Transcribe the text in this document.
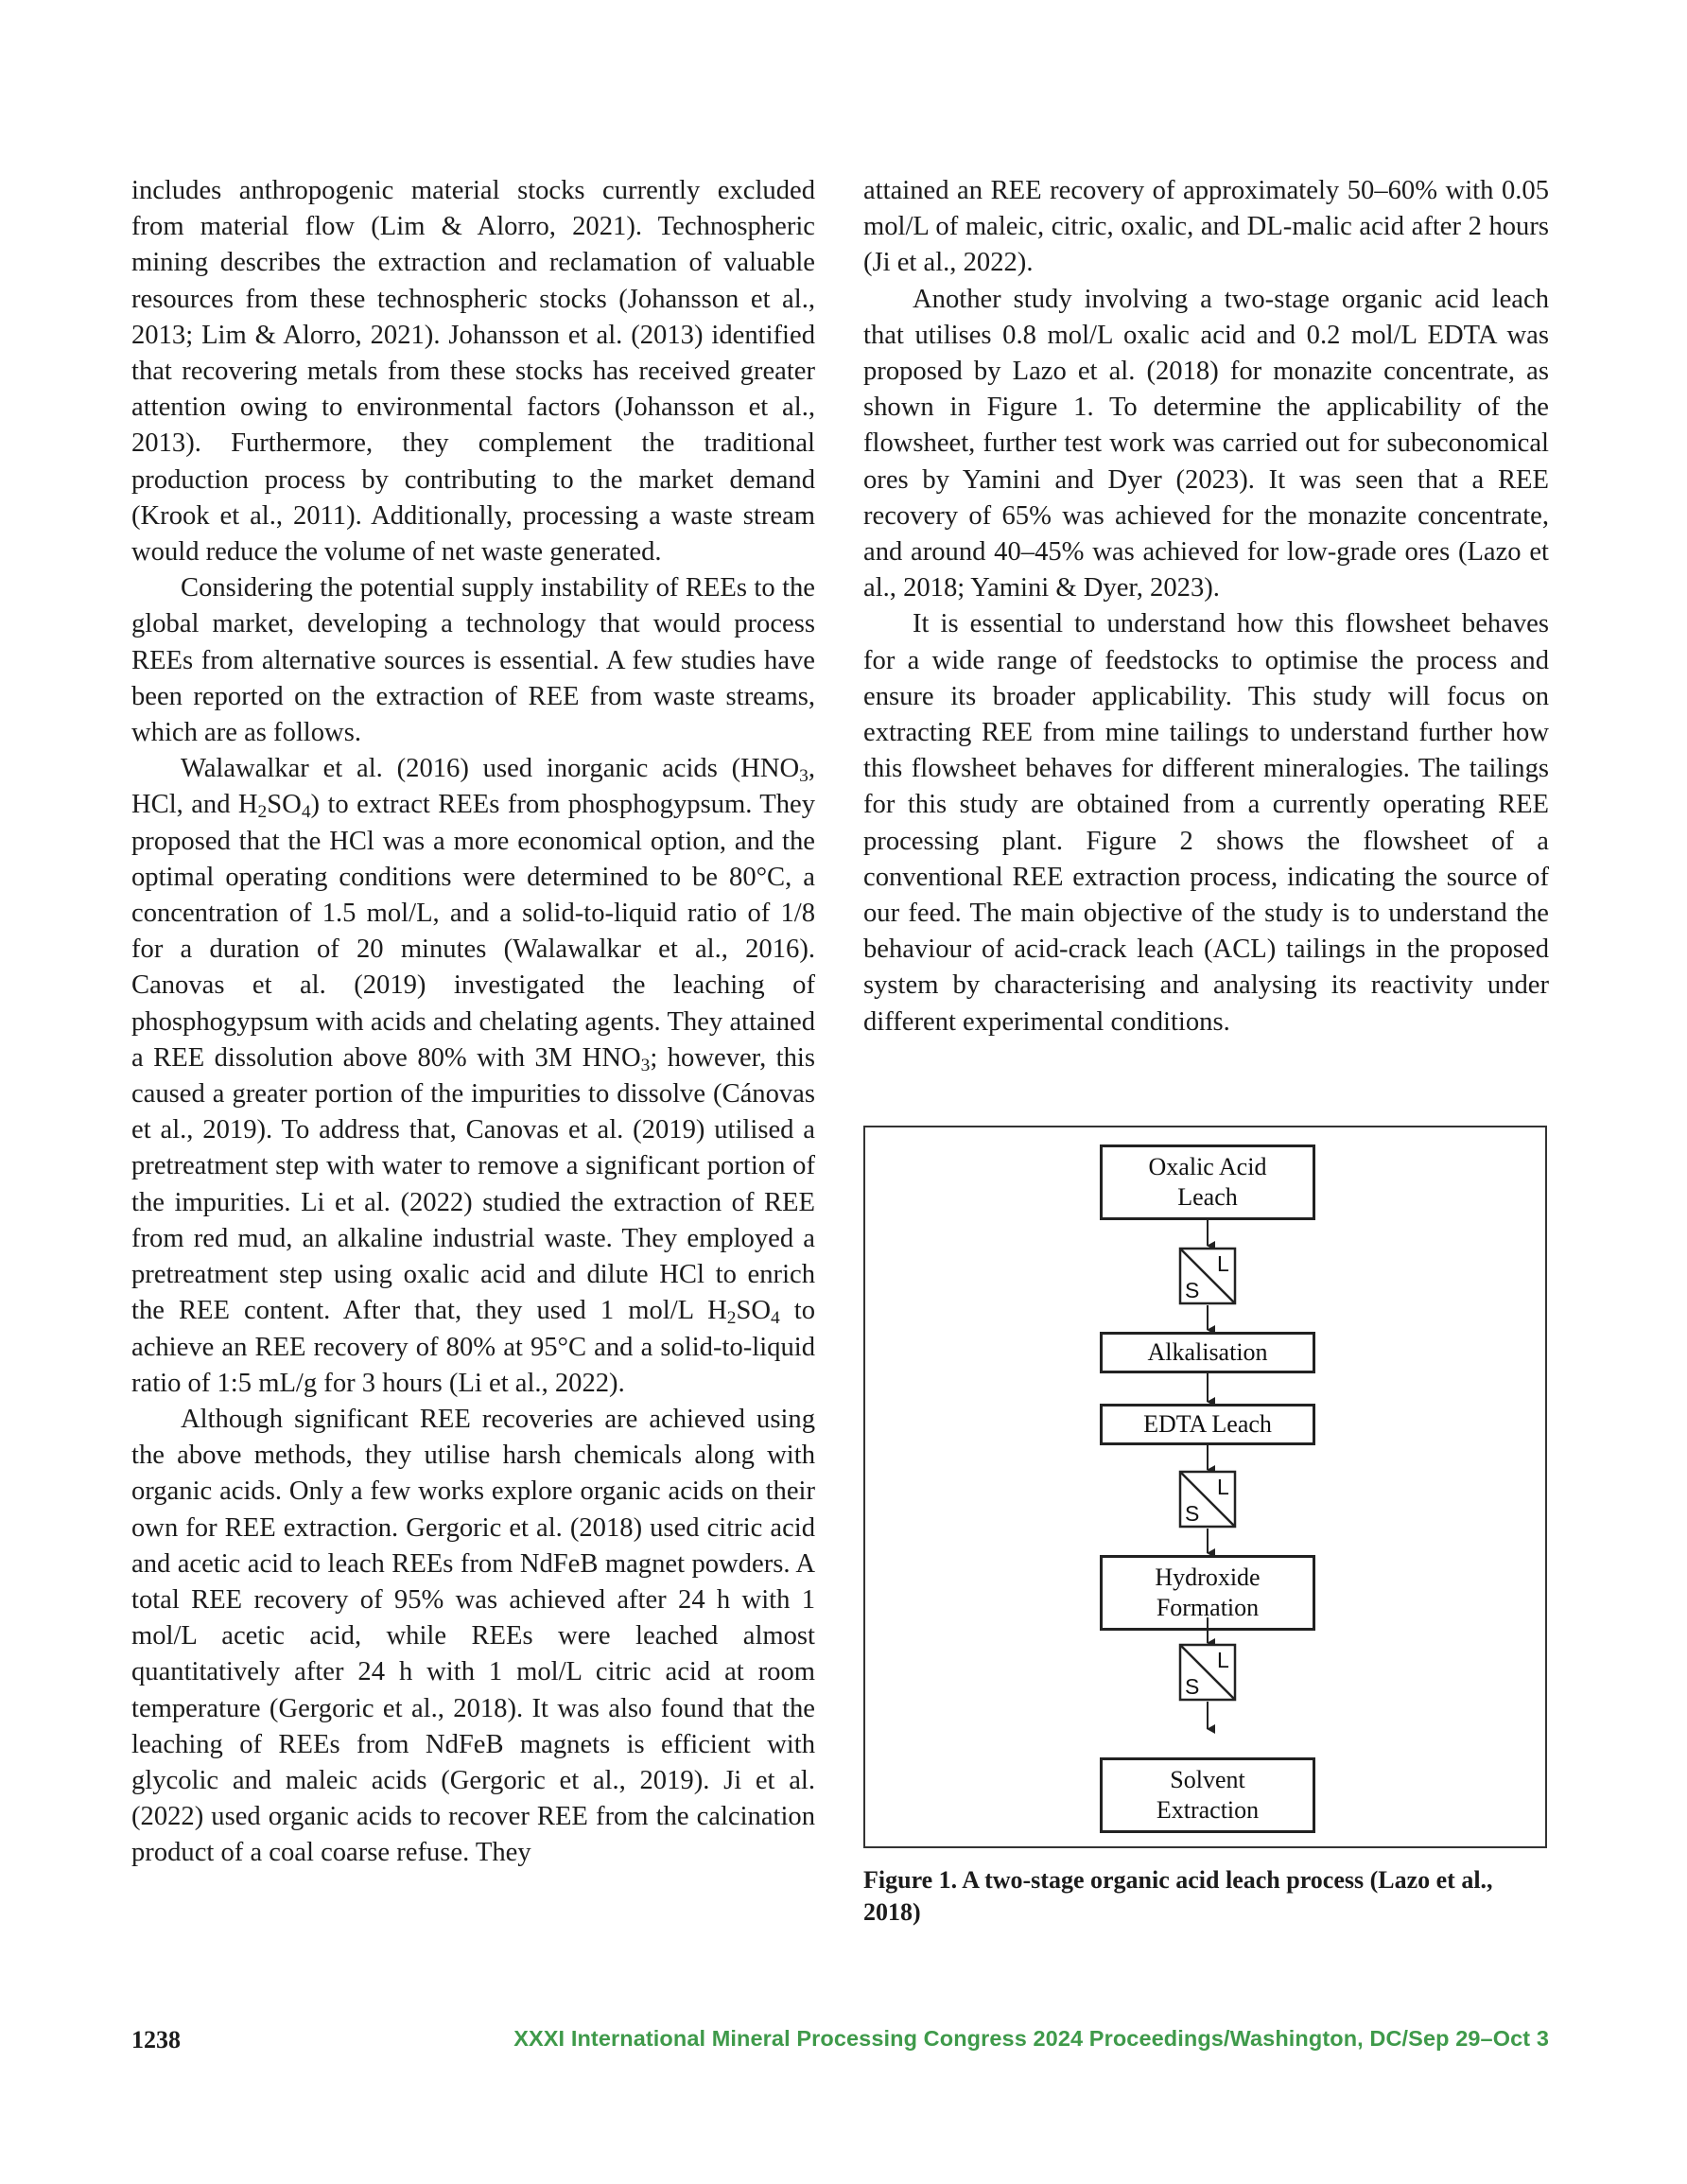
includes anthropogenic material stocks currently excluded from material flow (Lim & Alorro, 2021). Technospheric mining describes the extraction and reclamation of valuable resources from these technospheric stocks (Johansson et al., 2013; Lim & Alorro, 2021). Johansson et al. (2013) identified that recovering metals from these stocks has received greater attention owing to environmental factors (Johansson et al., 2013). Furthermore, they complement the traditional production process by contributing to the market demand (Krook et al., 2011). Additionally, processing a waste stream would reduce the volume of net waste generated.

Considering the potential supply instability of REEs to the global market, developing a technology that would process REEs from alternative sources is essential. A few studies have been reported on the extraction of REE from waste streams, which are as follows.

Walawalkar et al. (2016) used inorganic acids ($HNO_3$, HCl, and $H_2SO_4$) to extract REEs from phosphogypsum. They proposed that the HCl was a more economical option, and the optimal operating conditions were determined to be 80°C, a concentration of 1.5 mol/L, and a solid-to-liquid ratio of 1/8 for a duration of 20 minutes (Walawalkar et al., 2016). Canovas et al. (2019) investigated the leaching of phosphogypsum with acids and chelating agents. They attained a REE dissolution above 80% with 3M $HNO_3$; however, this caused a greater portion of the impurities to dissolve (Cánovas et al., 2019). To address that, Canovas et al. (2019) utilised a pretreatment step with water to remove a significant portion of the impurities. Li et al. (2022) studied the extraction of REE from red mud, an alkaline industrial waste. They employed a pretreatment step using oxalic acid and dilute HCl to enrich the REE content. After that, they used 1 mol/L $H_2SO_4$ to achieve an REE recovery of 80% at 95°C and a solid-to-liquid ratio of 1:5 mL/g for 3 hours (Li et al., 2022).

Although significant REE recoveries are achieved using the above methods, they utilise harsh chemicals along with organic acids. Only a few works explore organic acids on their own for REE extraction. Gergoric et al. (2018) used citric acid and acetic acid to leach REEs from NdFeB magnet powders. A total REE recovery of 95% was achieved after 24 h with 1 mol/L acetic acid, while REEs were leached almost quantitatively after 24 h with 1 mol/L citric acid at room temperature (Gergoric et al., 2018). It was also found that the leaching of REEs from NdFeB magnets is efficient with glycolic and maleic acids (Gergoric et al., 2019). Ji et al. (2022) used organic acids to recover REE from the calcination product of a coal coarse refuse. They

attained an REE recovery of approximately 50–60% with 0.05 mol/L of maleic, citric, oxalic, and DL-malic acid after 2 hours (Ji et al., 2022).

Another study involving a two-stage organic acid leach that utilises 0.8 mol/L oxalic acid and 0.2 mol/L EDTA was proposed by Lazo et al. (2018) for monazite concentrate, as shown in Figure 1. To determine the applicability of the flowsheet, further test work was carried out for subeconomical ores by Yamini and Dyer (2023). It was seen that a REE recovery of 65% was achieved for the monazite concentrate, and around 40–45% was achieved for low-grade ores (Lazo et al., 2018; Yamini & Dyer, 2023).

It is essential to understand how this flowsheet behaves for a wide range of feedstocks to optimise the process and ensure its broader applicability. This study will focus on extracting REE from mine tailings to understand further how this flowsheet behaves for different mineralogies. The tailings for this study are obtained from a currently operating REE processing plant. Figure 2 shows the flowsheet of a conventional REE extraction process, indicating the source of our feed. The main objective of the study is to understand the behaviour of acid-crack leach (ACL) tailings in the proposed system by characterising and analysing its reactivity under different experimental conditions.

L
S
L
S
L
S
Oxalic Acid
Leach
Alkalisation
EDTA Leach
Hydroxide
Formation
Solvent
Extraction
Figure 1. A two-stage organic acid leach process (Lazo et al., 2018)
1238	XXXI International Mineral Processing Congress 2024 Proceedings/Washington, DC/Sep 29–Oct 3
